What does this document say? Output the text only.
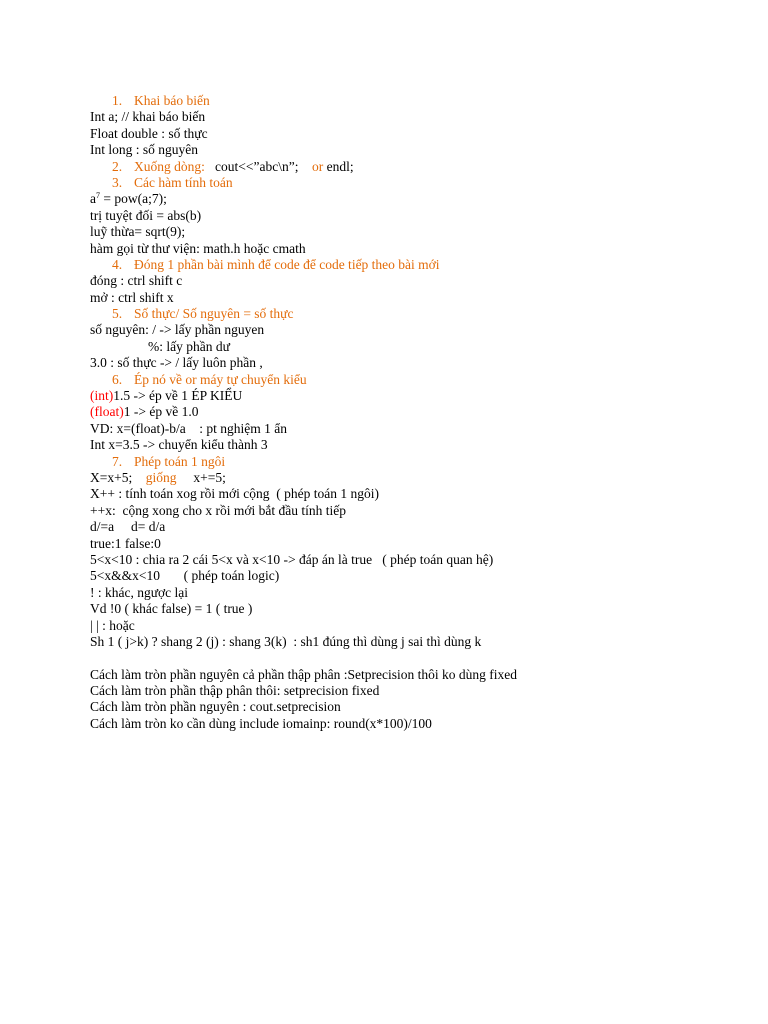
1. Khai báo biến
Int a; // khai báo biến
Float double : số thực
Int long : số nguyên
2. Xuống dòng: cout<<”abc\n”; or endl;
3. Các hàm tính toán
$a^7$ = pow(a;7);
trị tuyệt đối = abs(b)
luỹ thừa= sqrt(9);
hàm gọi từ thư viện: math.h hoặc cmath
4. Đóng 1 phần bài mình để code để code tiếp theo bài mới
đóng : ctrl shift c
mở : ctrl shift x
5. Số thực/ Số nguyên = số thực
số nguyên: / -> lấy phần nguyen
%: lấy phần dư
3.0 : số thực -> / lấy luôn phần ,
6. Ép nó về or máy tự chuyển kiểu
(int)1.5 -> ép về 1 ÉP KIỂU
(float)1 -> ép về 1.0
VD: x=(float)-b/a    : pt nghiệm 1 ẩn
Int x=3.5 -> chuyển kiểu thành 3
7. Phép toán 1 ngôi
X=x+5; giống x+=5;
X++ : tính toán xog rồi mới cộng  ( phép toán 1 ngôi)
++x:  cộng xong cho x rồi mới bắt đầu tính tiếp
d/=a     d= d/a
true:1 false:0
5<x<10 : chia ra 2 cái 5<x và x<10 -> đáp án là true   ( phép toán quan hệ)
5<x&&x<10       ( phép toán logic)
! : khác, ngược lại
Vd !0 ( khác false) = 1 ( true )
| | : hoặc
Sh 1 ( j>k) ? shang 2 (j) : shang 3(k)  : sh1 đúng thì dùng j sai thì dùng k
Cách làm tròn phần nguyên cả phần thập phân :Setprecision thôi ko dùng fixed
Cách làm tròn phần thập phân thôi: setprecision fixed
Cách làm tròn phần nguyên : cout.setprecision
Cách làm tròn ko cần dùng include iomainp: round(x*100)/100
